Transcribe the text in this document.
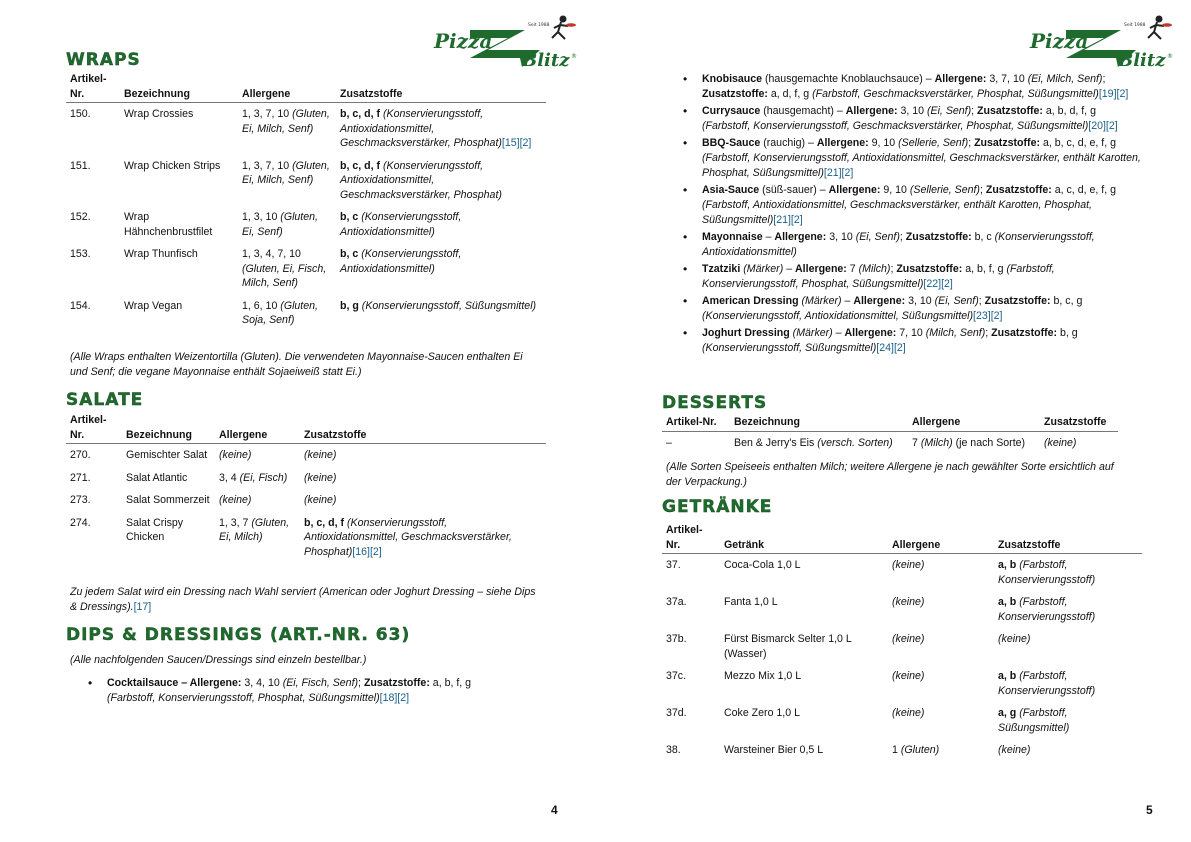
Pizza
Blitz ®
Seit 1988
WRAPS
Artikel-Nr.	Bezeichnung	Allergene	Zusatzstoffe
150.	Wrap Crossies	1, 3, 7, 10 (Gluten, Ei, Milch, Senf)	b, c, d, f (Konservierungsstoff, Antioxidationsmittel, Geschmacksverstärker, Phosphat)[15][2]
151.	Wrap Chicken Strips	1, 3, 7, 10 (Gluten, Ei, Milch, Senf)	b, c, d, f (Konservierungsstoff, Antioxidationsmittel, Geschmacksverstärker, Phosphat)
152.	Wrap Hähnchenbrustfilet	1, 3, 10 (Gluten, Ei, Senf)	b, c (Konservierungsstoff, Antioxidationsmittel)
153.	Wrap Thunfisch	1, 3, 4, 7, 10 (Gluten, Ei, Fisch, Milch, Senf)	b, c (Konservierungsstoff, Antioxidationsmittel)
154.	Wrap Vegan	1, 6, 10 (Gluten, Soja, Senf)	b, g (Konservierungsstoff, Süßungsmittel)
(Alle Wraps enthalten Weizentortilla (Gluten). Die verwendeten Mayonnaise-Saucen enthalten Ei und Senf; die vegane Mayonnaise enthält Sojaeiweiß statt Ei.)
SALATE
Artikel-Nr.	Bezeichnung	Allergene	Zusatzstoffe
270.	Gemischter Salat	(keine)	(keine)
271.	Salat Atlantic	3, 4 (Ei, Fisch)	(keine)
273.	Salat Sommerzeit	(keine)	(keine)
274.	Salat Crispy Chicken	1, 3, 7 (Gluten, Ei, Milch)	b, c, d, f (Konservierungsstoff, Antioxidationsmittel, Geschmacksverstärker, Phosphat)[16][2]
Zu jedem Salat wird ein Dressing nach Wahl serviert (American oder Joghurt Dressing – siehe Dips & Dressings).[17]
DIPS & DRESSINGS (ART.-NR. 63)
(Alle nachfolgenden Saucen/Dressings sind einzeln bestellbar.)
• Cocktailsauce – Allergene: 3, 4, 10 (Ei, Fisch, Senf); Zusatzstoffe: a, b, f, g (Farbstoff, Konservierungsstoff, Phosphat, Süßungsmittel)[18][2]
4
Pizza
Blitz ®
Seit 1988
• Knobisauce (hausgemachte Knoblauchsauce) – Allergene: 3, 7, 10 (Ei, Milch, Senf); Zusatzstoffe: a, d, f, g (Farbstoff, Geschmacksverstärker, Phosphat, Süßungsmittel)[19][2]
• Currysauce (hausgemacht) – Allergene: 3, 10 (Ei, Senf); Zusatzstoffe: a, b, d, f, g (Farbstoff, Konservierungsstoff, Geschmacksverstärker, Phosphat, Süßungsmittel)[20][2]
• BBQ-Sauce (rauchig) – Allergene: 9, 10 (Sellerie, Senf); Zusatzstoffe: a, b, c, d, e, f, g (Farbstoff, Konservierungsstoff, Antioxidationsmittel, Geschmacksverstärker, enthält Karotten, Phosphat, Süßungsmittel)[21][2]
• Asia-Sauce (süß-sauer) – Allergene: 9, 10 (Sellerie, Senf); Zusatzstoffe: a, c, d, e, f, g (Farbstoff, Antioxidationsmittel, Geschmacksverstärker, enthält Karotten, Phosphat, Süßungsmittel)[21][2]
• Mayonnaise – Allergene: 3, 10 (Ei, Senf); Zusatzstoffe: b, c (Konservierungsstoff, Antioxidationsmittel)
• Tzatziki (Märker) – Allergene: 7 (Milch); Zusatzstoffe: a, b, f, g (Farbstoff, Konservierungsstoff, Phosphat, Süßungsmittel)[22][2]
• American Dressing (Märker) – Allergene: 3, 10 (Ei, Senf); Zusatzstoffe: b, c, g (Konservierungsstoff, Antioxidationsmittel, Süßungsmittel)[23][2]
• Joghurt Dressing (Märker) – Allergene: 7, 10 (Milch, Senf); Zusatzstoffe: b, g (Konservierungsstoff, Süßungsmittel)[24][2]
DESSERTS
Artikel-Nr.	Bezeichnung	Allergene	Zusatzstoffe
–	Ben & Jerry's Eis (versch. Sorten)	7 (Milch) (je nach Sorte)	(keine)
(Alle Sorten Speiseeis enthalten Milch; weitere Allergene je nach gewählter Sorte ersichtlich auf der Verpackung.)
GETRÄNKE
Artikel-Nr.	Getränk	Allergene	Zusatzstoffe
37.	Coca-Cola 1,0 L	(keine)	a, b (Farbstoff, Konservierungsstoff)
37a.	Fanta 1,0 L	(keine)	a, b (Farbstoff, Konservierungsstoff)
37b.	Fürst Bismarck Selter 1,0 L (Wasser)	(keine)	(keine)
37c.	Mezzo Mix 1,0 L	(keine)	a, b (Farbstoff, Konservierungsstoff)
37d.	Coke Zero 1,0 L	(keine)	a, g (Farbstoff, Süßungsmittel)
38.	Warsteiner Bier 0,5 L	1 (Gluten)	(keine)
5
